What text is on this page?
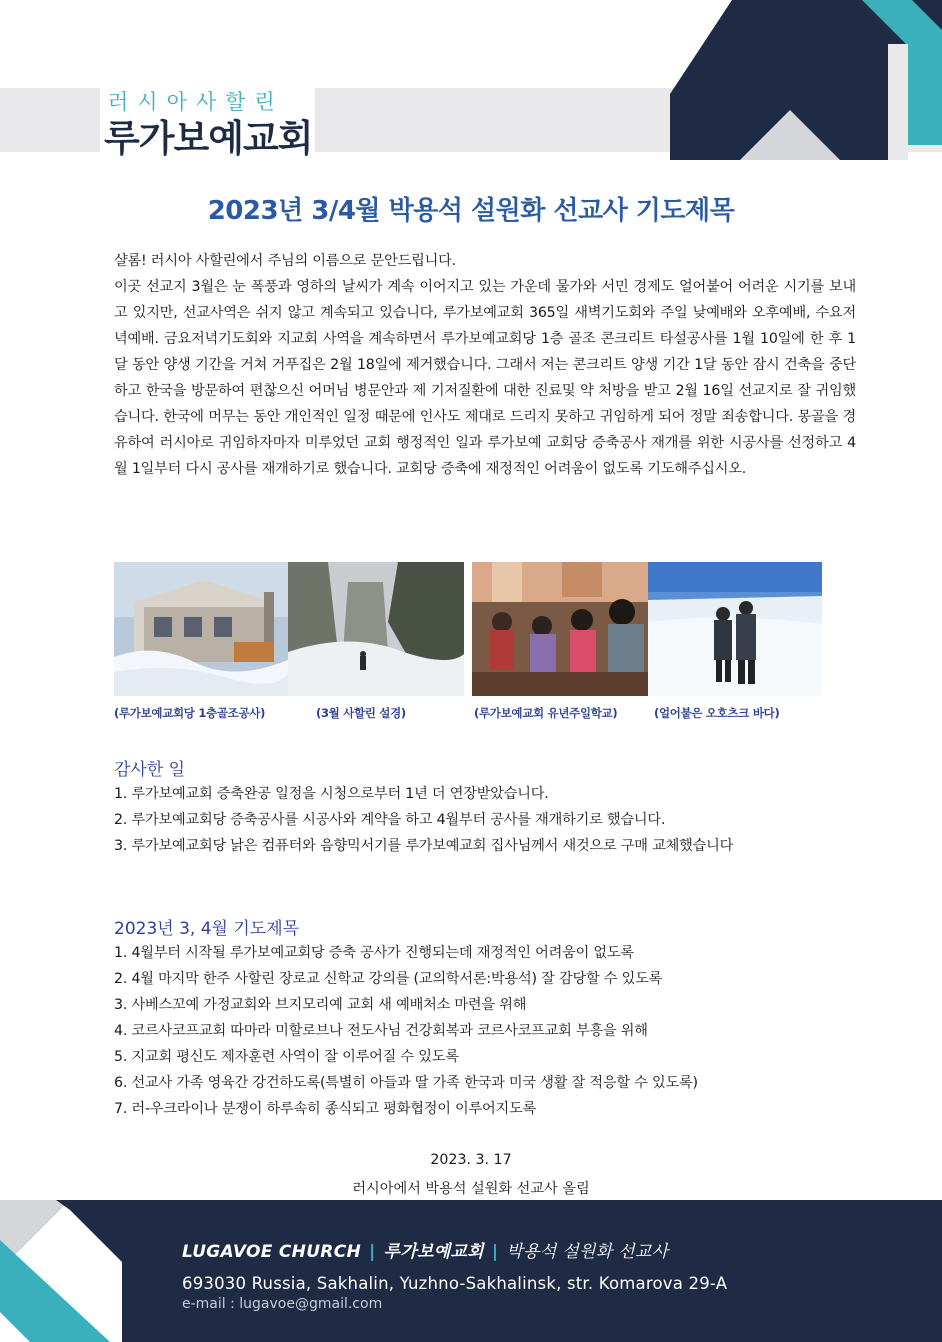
러시아사할린
루가보예교회
2023년 3/4월 박용석 설원화 선교사 기도제목

샬롬! 러시아 사할린에서 주님의 이름으로 문안드립니다.

이곳 선교지 3월은 눈 폭풍과 영하의 날씨가 계속 이어지고 있는 가운데 물가와 서민 경제도 얼어붙어 어려운 시기를 보내고 있지만, 선교사역은 쉬지 않고 계속되고 있습니다, 루가보예교회 365일 새벽기도회와 주일 낮예배와 오후예배, 수요저녁예배. 금요저녁기도회와 지교회 사역을 계속하면서 루가보예교회당 1층 골조 콘크리트 타설공사를 1월 10일에 한 후 1달 동안 양생 기간을 거쳐 거푸집은 2월 18일에 제거했습니다. 그래서 저는 콘크리트 양생 기간 1달 동안 잠시 건축을 중단하고 한국을 방문하여 편찮으신 어머님 병문안과 제 기저질환에 대한 진료및 약 처방을 받고 2월 16일 선교지로 잘 귀임했습니다. 한국에 머무는 동안 개인적인 일정 때문에 인사도 제대로 드리지 못하고 귀임하게 되어 정말 죄송합니다. 몽골을 경유하여 러시아로 귀임하자마자 미루었던 교회 행정적인 일과 루가보예 교회당 증축공사 재개를 위한 시공사를 선정하고 4월 1일부터 다시 공사를 재개하기로 했습니다. 교회당 증축에 재정적인 어려움이 없도록 기도해주십시오.

(루가보예교회당 1층골조공사)	(3월 사할린 설경)	(루가보예교회 유년주일학교)	(얼어붙은 오호츠크 바다)
감사한 일
1. 루가보예교회 증축완공 일정을 시청으로부터 1년 더 연장받았습니다.
2. 루가보예교회당 증축공사를 시공사와 계약을 하고 4월부터 공사를 재개하기로 했습니다.
3. 루가보예교회당 낡은 컴퓨터와 음향믹서기를 루가보예교회 집사님께서 새것으로 구매 교체했습니다
2023년 3, 4월 기도제목
1. 4월부터 시작될 루가보예교회당 증축 공사가 진행되는데 재정적인 어려움이 없도록
2. 4월 마지막 한주 사할린 장로교 신학교 강의를 (교의학서론:박용석) 잘 감당할 수 있도록
3. 사베스꼬예 가정교회와 브지모리예 교회 새 예배처소 마련을 위해
4. 코르사코프교회 따마라 미할로브나 전도사님 건강회복과 코르사코프교회 부흥을 위해
5. 지교회 평신도 제자훈련 사역이 잘 이루어질 수 있도록
6. 선교사 가족 영육간 강건하도록(특별히 아들과 딸 가족 한국과 미국 생활 잘 적응할 수 있도록)
7. 러-우크라이나 분쟁이 하루속히 종식되고 평화협정이 이루어지도록
2023. 3. 17
러시아에서 박용석 설원화 선교사 올림
LUGAVOE CHURCH | 루가보예교회 | 박용석 설원화 선교사
693030 Russia, Sakhalin, Yuzhno-Sakhalinsk, str. Komarova 29-A
e-mail : lugavoe@gmail.com
